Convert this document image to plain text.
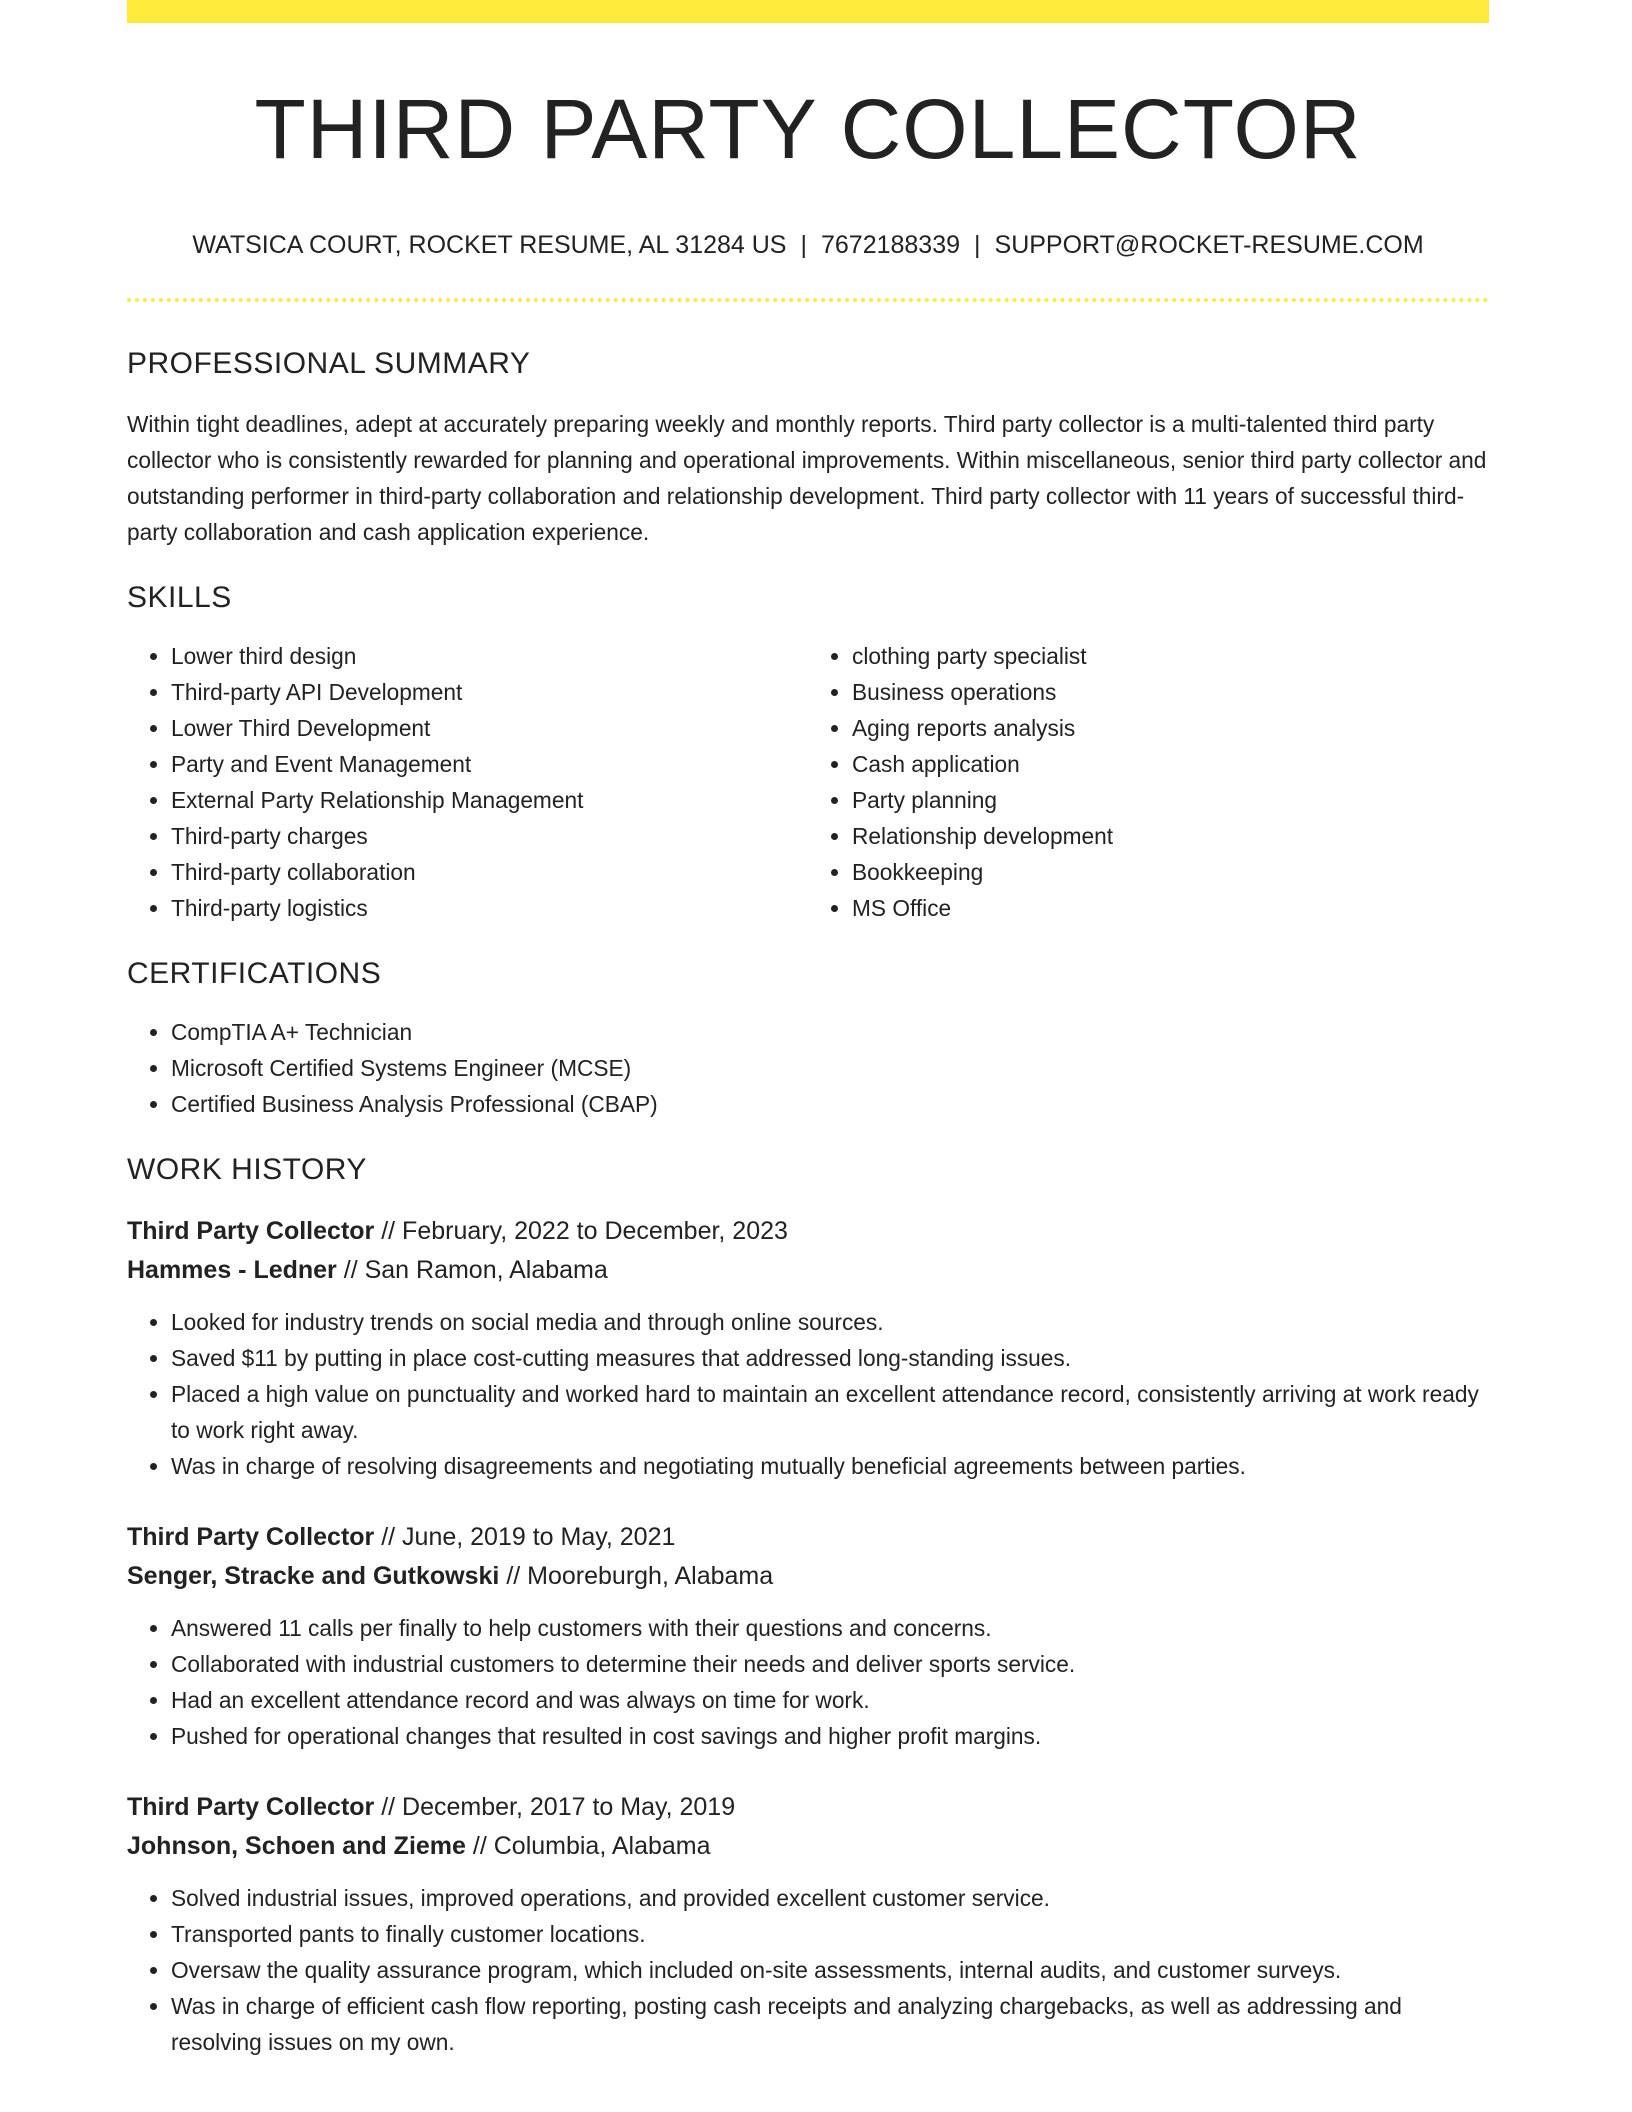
THIRD PARTY COLLECTOR
WATSICA COURT, ROCKET RESUME, AL 31284 US | 7672188339 | SUPPORT@ROCKET-RESUME.COM
PROFESSIONAL SUMMARY
Within tight deadlines, adept at accurately preparing weekly and monthly reports. Third party collector is a multi-talented third party collector who is consistently rewarded for planning and operational improvements. Within miscellaneous, senior third party collector and outstanding performer in third-party collaboration and relationship development. Third party collector with 11 years of successful third-party collaboration and cash application experience.
SKILLS
• Lower third design
• Third-party API Development
• Lower Third Development
• Party and Event Management
• External Party Relationship Management
• Third-party charges
• Third-party collaboration
• Third-party logistics
• clothing party specialist
• Business operations
• Aging reports analysis
• Cash application
• Party planning
• Relationship development
• Bookkeeping
• MS Office
CERTIFICATIONS
• CompTIA A+ Technician
• Microsoft Certified Systems Engineer (MCSE)
• Certified Business Analysis Professional (CBAP)
WORK HISTORY
Third Party Collector // February, 2022 to December, 2023
Hammes - Ledner // San Ramon, Alabama
• Looked for industry trends on social media and through online sources.
• Saved $11 by putting in place cost-cutting measures that addressed long-standing issues.
• Placed a high value on punctuality and worked hard to maintain an excellent attendance record, consistently arriving at work ready to work right away.
• Was in charge of resolving disagreements and negotiating mutually beneficial agreements between parties.
Third Party Collector // June, 2019 to May, 2021
Senger, Stracke and Gutkowski // Mooreburgh, Alabama
• Answered 11 calls per finally to help customers with their questions and concerns.
• Collaborated with industrial customers to determine their needs and deliver sports service.
• Had an excellent attendance record and was always on time for work.
• Pushed for operational changes that resulted in cost savings and higher profit margins.
Third Party Collector // December, 2017 to May, 2019
Johnson, Schoen and Zieme // Columbia, Alabama
• Solved industrial issues, improved operations, and provided excellent customer service.
• Transported pants to finally customer locations.
• Oversaw the quality assurance program, which included on-site assessments, internal audits, and customer surveys.
• Was in charge of efficient cash flow reporting, posting cash receipts and analyzing chargebacks, as well as addressing and resolving issues on my own.
